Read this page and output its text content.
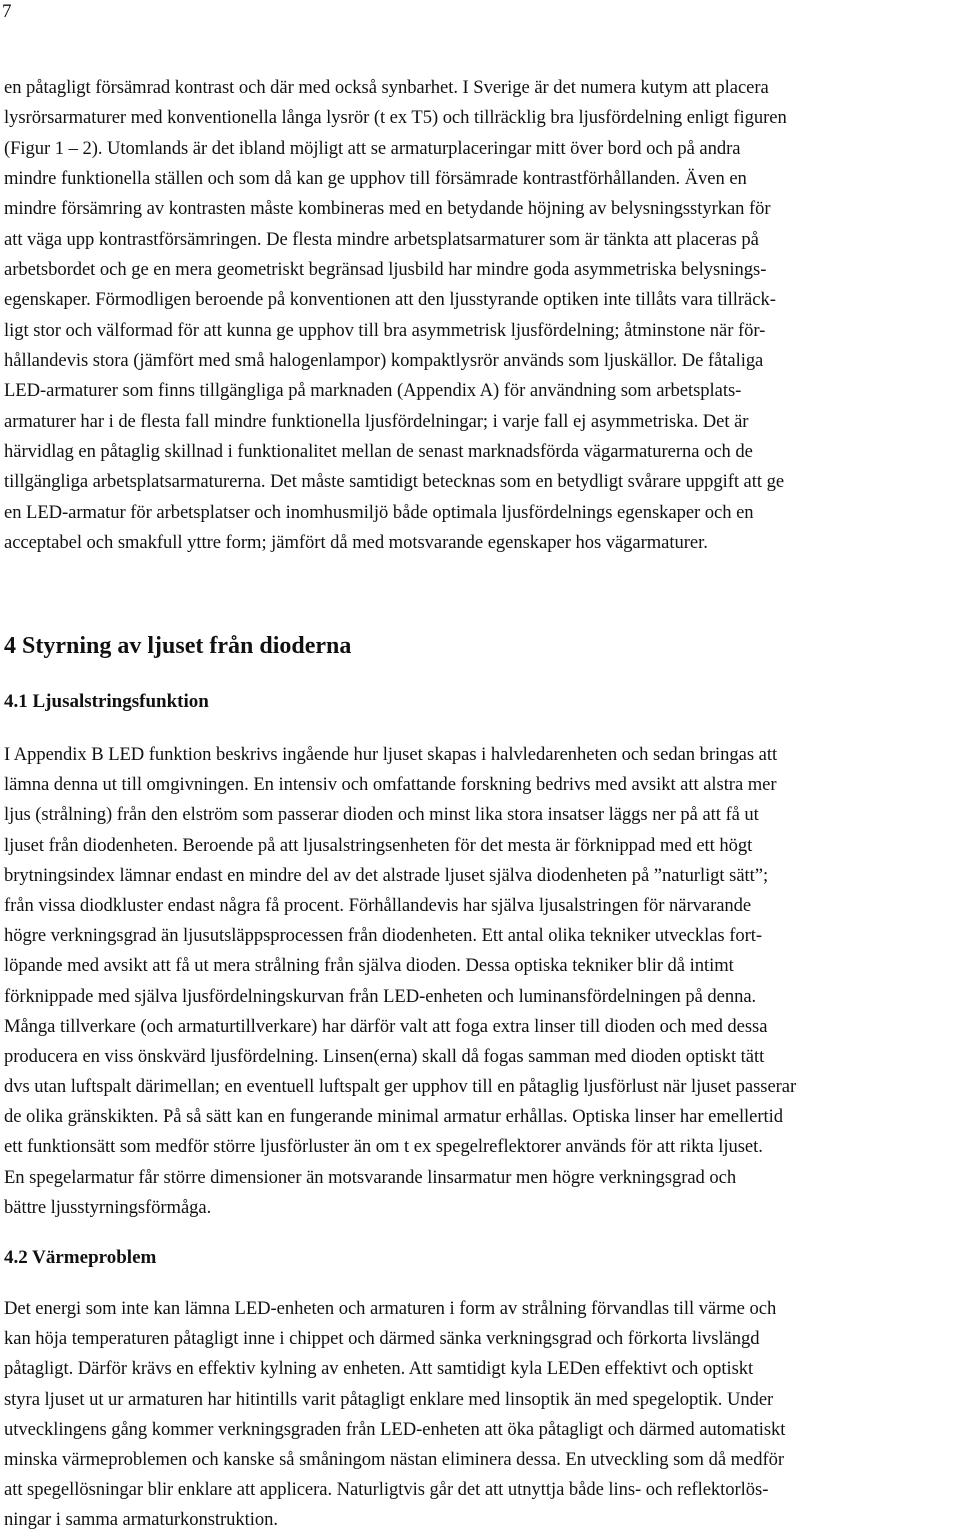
7
en påtagligt försämrad kontrast och där med också synbarhet. I Sverige är det numera kutym att placera
lysrörsarmaturer med konventionella långa lysrör (t ex T5) och tillräcklig bra ljusfördelning enligt figuren
(Figur 1 – 2). Utomlands är det ibland möjligt att se armaturplaceringar mitt över bord och på andra
mindre funktionella ställen och som då kan ge upphov till försämrade kontrastförhållanden. Även en
mindre försämring av kontrasten måste kombineras med en betydande höjning av belysningsstyrkan för
att väga upp kontrastförsämringen. De flesta mindre arbetsplatsarmaturer som är tänkta att placeras på
arbetsbordet och ge en mera geometriskt begränsad ljusbild har mindre goda asymmetriska belysnings-
egenskaper. Förmodligen beroende på konventionen att den ljusstyrande optiken inte tillåts vara tillräck-
ligt stor och välformad för att kunna ge upphov till bra asymmetrisk ljusfördelning; åtminstone när för-
hållandevis stora (jämfört med små halogenlampor) kompaktlysrör används som ljuskällor. De fåtaliga
LED-armaturer som finns tillgängliga på marknaden (Appendix A) för användning som arbetsplats-
armaturer har i de flesta fall mindre funktionella ljusfördelningar; i varje fall ej asymmetriska. Det är
härvidlag en påtaglig skillnad i funktionalitet mellan de senast marknadsförda vägarmaturerna och de
tillgängliga arbetsplatsarmaturerna. Det måste samtidigt betecknas som en betydligt svårare uppgift att ge
en LED-armatur för arbetsplatser och inomhusmiljö både optimala ljusfördelnings egenskaper och en
acceptabel och smakfull yttre form; jämfört då med motsvarande egenskaper hos vägarmaturer.
4 Styrning av ljuset från dioderna
4.1 Ljusalstringsfunktion
I Appendix B LED funktion beskrivs ingående hur ljuset skapas i halvledarenheten och sedan bringas att
lämna denna ut till omgivningen. En intensiv och omfattande forskning bedrivs med avsikt att alstra mer
ljus (strålning) från den elström som passerar dioden och minst lika stora insatser läggs ner på att få ut
ljuset från diodenheten. Beroende på att ljusalstringsenheten för det mesta är förknippad med ett högt
brytningsindex lämnar endast en mindre del av det alstrade ljuset själva diodenheten på ”naturligt sätt”;
från vissa diodkluster endast några få procent. Förhållandevis har själva ljusalstringen för närvarande
högre verkningsgrad än ljusutsläppsprocessen från diodenheten. Ett antal olika tekniker utvecklas fort-
löpande med avsikt att få ut mera strålning från själva dioden. Dessa optiska tekniker blir då intimt
förknippade med själva ljusfördelningskurvan från LED-enheten och luminansfördelningen på denna.
Många tillverkare (och armaturtillverkare) har därför valt att foga extra linser till dioden och med dessa
producera en viss önskvärd ljusfördelning. Linsen(erna) skall då fogas samman med dioden optiskt tätt
dvs utan luftspalt därimellan; en eventuell luftspalt ger upphov till en påtaglig ljusförlust när ljuset passerar
de olika gränskikten. På så sätt kan en fungerande minimal armatur erhållas. Optiska linser har emellertid
ett funktionsätt som medför större ljusförluster än om t ex spegelreflektorer används för att rikta ljuset.
En spegelarmatur får större dimensioner än motsvarande linsarmatur men högre verkningsgrad och
bättre ljusstyrningsförmåga.
4.2 Värmeproblem
Det energi som inte kan lämna LED-enheten och armaturen i form av strålning förvandlas till värme och
kan höja temperaturen påtagligt inne i chippet och därmed sänka verkningsgrad och förkorta livslängd
påtagligt. Därför krävs en effektiv kylning av enheten. Att samtidigt kyla LEDen effektivt och optiskt
styra ljuset ut ur armaturen har hitintills varit påtagligt enklare med linsoptik än med spegeloptik. Under
utvecklingens gång kommer verkningsgraden från LED-enheten att öka påtagligt och därmed automatiskt
minska värmeproblemen och kanske så småningom nästan eliminera dessa. En utveckling som då medför
att spegellösningar blir enklare att applicera. Naturligtvis går det att utnyttja både lins- och reflektorlös-
ningar i samma armaturkonstruktion.
